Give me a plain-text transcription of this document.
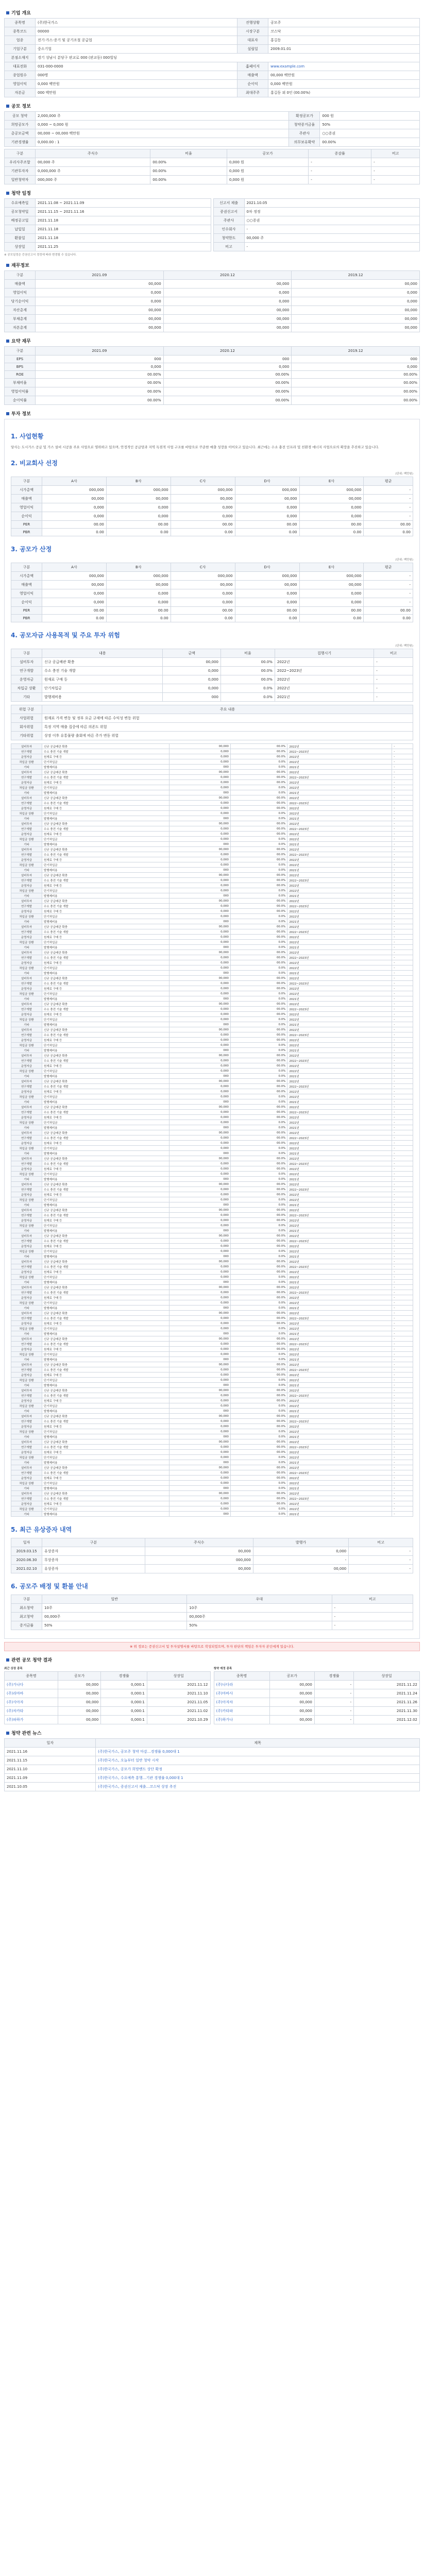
기업 개요
종목명	(주)한국가스	진행상황	공모주
종목코드	00000	시장구분	코스닥
업종	전기·가스·증기 및 공기조절 공급업	대표자	홍길동
기업구분	중소기업	설립일	2009.01.01
본점소재지	경기 성남시 분당구 판교로 000 (판교동) 000빌딩		
대표전화	031-000-0000	홈페이지	www.example.com
종업원수	000명	매출액	00,000 백만원
영업이익	0,000 백만원	순이익	0,000 백만원
자본금	000 백만원	최대주주	홍길동 외 0인 (00.00%)
공모 정보
공모 청약	2,000,000 주	확정공모가	000 원
희망공모가	0,000 ~ 0,000 원	청약증거금율	50%
총공모금액	00,000 ~ 00,000 백만원	주관사	○○증권
기관경쟁률	0,000.00 : 1	의무보유확약	00.00%
구분	주식수	비율	공모가	증감률	비고
우리사주조합	00,000 주	00.00%	0,000 원	-	-
기관투자자	0,000,000 주	00.00%	0,000 원	-	-
일반청약자	000,000 주	00.00%	0,000 원	-	-
청약 일정
수요예측일	2021.11.08 ~ 2021.11.09
공모청약일	2021.11.15 ~ 2021.11.16
배정공고일	2021.11.18
납입일	2021.11.18
환불일	2021.11.18
상장일	2021.11.25
신고서 제출	2021.10.05
증권신고서	0차 정정
주관사	○○증권
인수회사	-
청약한도	00,000 주
비고	-
※ 공모일정은 증권신고서 정정에 따라 변경될 수 있습니다.
재무정보
구분	2021.09	2020.12	2019.12
매출액	00,000	00,000	00,000
영업이익	0,000	0,000	0,000
당기순이익	0,000	0,000	0,000
자산총계	00,000	00,000	00,000
부채총계	00,000	00,000	00,000
자본총계	00,000	00,000	00,000
요약 재무
구분	2021.09	2020.12	2019.12
EPS	000	000	000
BPS	0,000	0,000	0,000
ROE	00.00%	00.00%	00.00%
부채비율	00.00%	00.00%	00.00%
영업이익률	00.00%	00.00%	00.00%
순이익률	00.00%	00.00%	00.00%
투자 정보
1. 사업현황
당사는 도시가스 공급 및 가스 설비 시공을 주요 사업으로 영위하고 있으며, 안정적인 공급망과 지역 독점적 사업 구조를 바탕으로 꾸준한 매출 성장을 이어오고 있습니다. 최근에는 수소 충전 인프라 및 친환경 에너지 사업으로의 확장을 추진하고 있습니다.
2. 비교회사 선정
(단위: 백만원)
구분	A사	B사	C사	D사	E사	평균
시가총액	000,000	000,000	000,000	000,000	000,000	-
매출액	00,000	00,000	00,000	00,000	00,000	-
영업이익	0,000	0,000	0,000	0,000	0,000	-
순이익	0,000	0,000	0,000	0,000	0,000	-
PER	00.00	00.00	00.00	00.00	00.00	00.00
PBR	0.00	0.00	0.00	0.00	0.00	0.00
3. 공모가 산정
(단위: 백만원)
구분	A사	B사	C사	D사	E사	평균
시가총액	000,000	000,000	000,000	000,000	000,000	-
매출액	00,000	00,000	00,000	00,000	00,000	-
영업이익	0,000	0,000	0,000	0,000	0,000	-
순이익	0,000	0,000	0,000	0,000	0,000	-
PER	00.00	00.00	00.00	00.00	00.00	00.00
PBR	0.00	0.00	0.00	0.00	0.00	0.00
4. 공모자금 사용목적 및 주요 투자 위험
(단위: 백만원)
구분	내용	금액	비율	집행시기	비고
설비투자	신규 공급배관 확충	00,000	00.0%	2022년	-
연구개발	수소 충전 기술 개발	0,000	00.0%	2022~2023년	-
운영자금	원재료 구매 등	0,000	00.0%	2022년	-
차입금 상환	단기차입금	0,000	0.0%	2022년	-
기타	발행제비용	000	0.0%	2021년	-
위험 구분	주요 내용
사업위험	원재료 가격 변동 및 정부 요금 규제에 따른 수익성 변동 위험
회사위험	특정 지역 매출 집중에 따른 의존도 위험
기타위험	상장 이후 유통물량 출회에 따른 주가 변동 위험
설비투자	신규 공급배관 확충	00,000	00.0%	2022년	-
연구개발	수소 충전 기술 개발	0,000	00.0%	2022~2023년	-
운영자금	원재료 구매 등	0,000	00.0%	2022년	-
차입금 상환	단기차입금	0,000	0.0%	2022년	-
기타	발행제비용	000	0.0%	2021년	-
설비투자	신규 공급배관 확충	00,000	00.0%	2022년	-
연구개발	수소 충전 기술 개발	0,000	00.0%	2022~2023년	-
운영자금	원재료 구매 등	0,000	00.0%	2022년	-
차입금 상환	단기차입금	0,000	0.0%	2022년	-
기타	발행제비용	000	0.0%	2021년	-
설비투자	신규 공급배관 확충	00,000	00.0%	2022년	-
연구개발	수소 충전 기술 개발	0,000	00.0%	2022~2023년	-
운영자금	원재료 구매 등	0,000	00.0%	2022년	-
차입금 상환	단기차입금	0,000	0.0%	2022년	-
기타	발행제비용	000	0.0%	2021년	-
설비투자	신규 공급배관 확충	00,000	00.0%	2022년	-
연구개발	수소 충전 기술 개발	0,000	00.0%	2022~2023년	-
운영자금	원재료 구매 등	0,000	00.0%	2022년	-
차입금 상환	단기차입금	0,000	0.0%	2022년	-
기타	발행제비용	000	0.0%	2021년	-
설비투자	신규 공급배관 확충	00,000	00.0%	2022년	-
연구개발	수소 충전 기술 개발	0,000	00.0%	2022~2023년	-
운영자금	원재료 구매 등	0,000	00.0%	2022년	-
차입금 상환	단기차입금	0,000	0.0%	2022년	-
기타	발행제비용	000	0.0%	2021년	-
설비투자	신규 공급배관 확충	00,000	00.0%	2022년	-
연구개발	수소 충전 기술 개발	0,000	00.0%	2022~2023년	-
운영자금	원재료 구매 등	0,000	00.0%	2022년	-
차입금 상환	단기차입금	0,000	0.0%	2022년	-
기타	발행제비용	000	0.0%	2021년	-
설비투자	신규 공급배관 확충	00,000	00.0%	2022년	-
연구개발	수소 충전 기술 개발	0,000	00.0%	2022~2023년	-
운영자금	원재료 구매 등	0,000	00.0%	2022년	-
차입금 상환	단기차입금	0,000	0.0%	2022년	-
기타	발행제비용	000	0.0%	2021년	-
설비투자	신규 공급배관 확충	00,000	00.0%	2022년	-
연구개발	수소 충전 기술 개발	0,000	00.0%	2022~2023년	-
운영자금	원재료 구매 등	0,000	00.0%	2022년	-
차입금 상환	단기차입금	0,000	0.0%	2022년	-
기타	발행제비용	000	0.0%	2021년	-
설비투자	신규 공급배관 확충	00,000	00.0%	2022년	-
연구개발	수소 충전 기술 개발	0,000	00.0%	2022~2023년	-
운영자금	원재료 구매 등	0,000	00.0%	2022년	-
차입금 상환	단기차입금	0,000	0.0%	2022년	-
기타	발행제비용	000	0.0%	2021년	-
설비투자	신규 공급배관 확충	00,000	00.0%	2022년	-
연구개발	수소 충전 기술 개발	0,000	00.0%	2022~2023년	-
운영자금	원재료 구매 등	0,000	00.0%	2022년	-
차입금 상환	단기차입금	0,000	0.0%	2022년	-
기타	발행제비용	000	0.0%	2021년	-
설비투자	신규 공급배관 확충	00,000	00.0%	2022년	-
연구개발	수소 충전 기술 개발	0,000	00.0%	2022~2023년	-
운영자금	원재료 구매 등	0,000	00.0%	2022년	-
차입금 상환	단기차입금	0,000	0.0%	2022년	-
기타	발행제비용	000	0.0%	2021년	-
설비투자	신규 공급배관 확충	00,000	00.0%	2022년	-
연구개발	수소 충전 기술 개발	0,000	00.0%	2022~2023년	-
운영자금	원재료 구매 등	0,000	00.0%	2022년	-
차입금 상환	단기차입금	0,000	0.0%	2022년	-
기타	발행제비용	000	0.0%	2021년	-
설비투자	신규 공급배관 확충	00,000	00.0%	2022년	-
연구개발	수소 충전 기술 개발	0,000	00.0%	2022~2023년	-
운영자금	원재료 구매 등	0,000	00.0%	2022년	-
차입금 상환	단기차입금	0,000	0.0%	2022년	-
기타	발행제비용	000	0.0%	2021년	-
설비투자	신규 공급배관 확충	00,000	00.0%	2022년	-
연구개발	수소 충전 기술 개발	0,000	00.0%	2022~2023년	-
운영자금	원재료 구매 등	0,000	00.0%	2022년	-
차입금 상환	단기차입금	0,000	0.0%	2022년	-
기타	발행제비용	000	0.0%	2021년	-
설비투자	신규 공급배관 확충	00,000	00.0%	2022년	-
연구개발	수소 충전 기술 개발	0,000	00.0%	2022~2023년	-
운영자금	원재료 구매 등	0,000	00.0%	2022년	-
차입금 상환	단기차입금	0,000	0.0%	2022년	-
기타	발행제비용	000	0.0%	2021년	-
설비투자	신규 공급배관 확충	00,000	00.0%	2022년	-
연구개발	수소 충전 기술 개발	0,000	00.0%	2022~2023년	-
운영자금	원재료 구매 등	0,000	00.0%	2022년	-
차입금 상환	단기차입금	0,000	0.0%	2022년	-
기타	발행제비용	000	0.0%	2021년	-
설비투자	신규 공급배관 확충	00,000	00.0%	2022년	-
연구개발	수소 충전 기술 개발	0,000	00.0%	2022~2023년	-
운영자금	원재료 구매 등	0,000	00.0%	2022년	-
차입금 상환	단기차입금	0,000	0.0%	2022년	-
기타	발행제비용	000	0.0%	2021년	-
설비투자	신규 공급배관 확충	00,000	00.0%	2022년	-
연구개발	수소 충전 기술 개발	0,000	00.0%	2022~2023년	-
운영자금	원재료 구매 등	0,000	00.0%	2022년	-
차입금 상환	단기차입금	0,000	0.0%	2022년	-
기타	발행제비용	000	0.0%	2021년	-
설비투자	신규 공급배관 확충	00,000	00.0%	2022년	-
연구개발	수소 충전 기술 개발	0,000	00.0%	2022~2023년	-
운영자금	원재료 구매 등	0,000	00.0%	2022년	-
차입금 상환	단기차입금	0,000	0.0%	2022년	-
기타	발행제비용	000	0.0%	2021년	-
설비투자	신규 공급배관 확충	00,000	00.0%	2022년	-
연구개발	수소 충전 기술 개발	0,000	00.0%	2022~2023년	-
운영자금	원재료 구매 등	0,000	00.0%	2022년	-
차입금 상환	단기차입금	0,000	0.0%	2022년	-
기타	발행제비용	000	0.0%	2021년	-
설비투자	신규 공급배관 확충	00,000	00.0%	2022년	-
연구개발	수소 충전 기술 개발	0,000	00.0%	2022~2023년	-
운영자금	원재료 구매 등	0,000	00.0%	2022년	-
차입금 상환	단기차입금	0,000	0.0%	2022년	-
기타	발행제비용	000	0.0%	2021년	-
설비투자	신규 공급배관 확충	00,000	00.0%	2022년	-
연구개발	수소 충전 기술 개발	0,000	00.0%	2022~2023년	-
운영자금	원재료 구매 등	0,000	00.0%	2022년	-
차입금 상환	단기차입금	0,000	0.0%	2022년	-
기타	발행제비용	000	0.0%	2021년	-
설비투자	신규 공급배관 확충	00,000	00.0%	2022년	-
연구개발	수소 충전 기술 개발	0,000	00.0%	2022~2023년	-
운영자금	원재료 구매 등	0,000	00.0%	2022년	-
차입금 상환	단기차입금	0,000	0.0%	2022년	-
기타	발행제비용	000	0.0%	2021년	-
설비투자	신규 공급배관 확충	00,000	00.0%	2022년	-
연구개발	수소 충전 기술 개발	0,000	00.0%	2022~2023년	-
운영자금	원재료 구매 등	0,000	00.0%	2022년	-
차입금 상환	단기차입금	0,000	0.0%	2022년	-
기타	발행제비용	000	0.0%	2021년	-
설비투자	신규 공급배관 확충	00,000	00.0%	2022년	-
연구개발	수소 충전 기술 개발	0,000	00.0%	2022~2023년	-
운영자금	원재료 구매 등	0,000	00.0%	2022년	-
차입금 상환	단기차입금	0,000	0.0%	2022년	-
기타	발행제비용	000	0.0%	2021년	-
설비투자	신규 공급배관 확충	00,000	00.0%	2022년	-
연구개발	수소 충전 기술 개발	0,000	00.0%	2022~2023년	-
운영자금	원재료 구매 등	0,000	00.0%	2022년	-
차입금 상환	단기차입금	0,000	0.0%	2022년	-
기타	발행제비용	000	0.0%	2021년	-
설비투자	신규 공급배관 확충	00,000	00.0%	2022년	-
연구개발	수소 충전 기술 개발	0,000	00.0%	2022~2023년	-
운영자금	원재료 구매 등	0,000	00.0%	2022년	-
차입금 상환	단기차입금	0,000	0.0%	2022년	-
기타	발행제비용	000	0.0%	2021년	-
설비투자	신규 공급배관 확충	00,000	00.0%	2022년	-
연구개발	수소 충전 기술 개발	0,000	00.0%	2022~2023년	-
운영자금	원재료 구매 등	0,000	00.0%	2022년	-
차입금 상환	단기차입금	0,000	0.0%	2022년	-
기타	발행제비용	000	0.0%	2021년	-
설비투자	신규 공급배관 확충	00,000	00.0%	2022년	-
연구개발	수소 충전 기술 개발	0,000	00.0%	2022~2023년	-
운영자금	원재료 구매 등	0,000	00.0%	2022년	-
차입금 상환	단기차입금	0,000	0.0%	2022년	-
기타	발행제비용	000	0.0%	2021년	-
설비투자	신규 공급배관 확충	00,000	00.0%	2022년	-
연구개발	수소 충전 기술 개발	0,000	00.0%	2022~2023년	-
운영자금	원재료 구매 등	0,000	00.0%	2022년	-
차입금 상환	단기차입금	0,000	0.0%	2022년	-
기타	발행제비용	000	0.0%	2021년	-
5. 최근 유상증자 내역
일자	구분	주식수	발행가	비고
2019.03.15	유상증자	00,000	0,000	-
2020.06.30	무상증자	000,000	-	-
2021.02.10	유상증자	00,000	00,000	-
6. 공모주 배정 및 환불 안내
구분	일반	우대	비고
최소청약	10주	10주	-
최고청약	00,000주	00,000주	-
증거금률	50%	50%	-
※ 위 정보는 증권신고서 및 투자설명서를 바탕으로 작성되었으며, 투자 판단의 책임은 투자자 본인에게 있습니다.
관련 공모 청약 결과
최근 상장 종목
종목명	공모가	경쟁률	상장일
(주)가나다	00,000	0,000:1	2021.11.12
(주)라마바	00,000	0,000:1	2021.11.10
(주)사아자	00,000	0,000:1	2021.11.05
(주)차카타	00,000	0,000:1	2021.11.02
(주)파하가	00,000	0,000:1	2021.10.29
청약 예정 종목
종목명	공모가	경쟁률	상장일
(주)나다라	00,000	-	2021.11.22
(주)마바사	00,000	-	2021.11.24
(주)아자차	00,000	-	2021.11.26
(주)카타파	00,000	-	2021.11.30
(주)하가나	00,000	-	2021.12.02
청약 관련 뉴스
일자	제목
2021.11.16	(주)한국가스, 공모주 청약 마감…경쟁률 0,000대 1
2021.11.15	(주)한국가스, 오늘부터 일반 청약 시작
2021.11.10	(주)한국가스, 공모가 희망밴드 상단 확정
2021.11.09	(주)한국가스, 수요예측 흥행…기관 경쟁률 0,000대 1
2021.10.05	(주)한국가스, 증권신고서 제출…코스닥 상장 추진
